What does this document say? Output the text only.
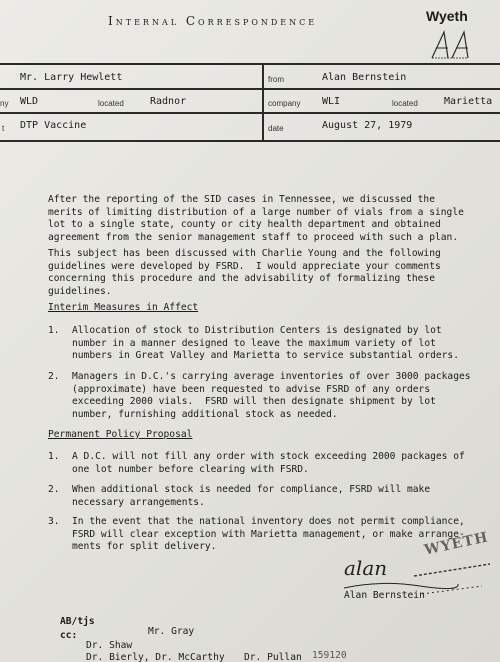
Internal Correspondence	Wyeth
Mr. Larry Hewlett	from	Alan Bernstein
ny WLD	located	Radnor	company WLI	located	Marietta
t DTP Vaccine	date	August 27, 1979
After the reporting of the SID cases in Tennessee, we discussed the
merits of limiting distribution of a large number of vials from a single
lot to a single state, county or city health department and obtained
agreement from the senior management staff to proceed with such a plan.
This subject has been discussed with Charlie Young and the following
guidelines were developed by FSRD.  I would appreciate your comments
concerning this procedure and the advisability of formalizing these
guidelines.
Interim Measures in Affect
1. Allocation of stock to Distribution Centers is designated by lot
number in a manner designed to leave the maximum variety of lot
numbers in Great Valley and Marietta to service substantial orders.
2. Managers in D.C.'s carrying average inventories of over 3000 packages
(approximate) have been requested to advise FSRD of any orders
exceeding 2000 vials.  FSRD will then designate shipment by lot
number, furnishing additional stock as needed.
Permanent Policy Proposal
1. A D.C. will not fill any order with stock exceeding 2000 packages of
one lot number before clearing with FSRD.
2. When additional stock is needed for compliance, FSRD will make
necessary arrangements.
3. In the event that the national inventory does not permit compliance,
FSRD will clear exception with Marietta management, or make arrange-
ments for split delivery.
alan
Alan Bernstein
WYETH
AB/tjs
cc:	Mr. Gray
Dr. Shaw
Dr. Bierly, Dr. McCarthy Dr. Pullan 159120
